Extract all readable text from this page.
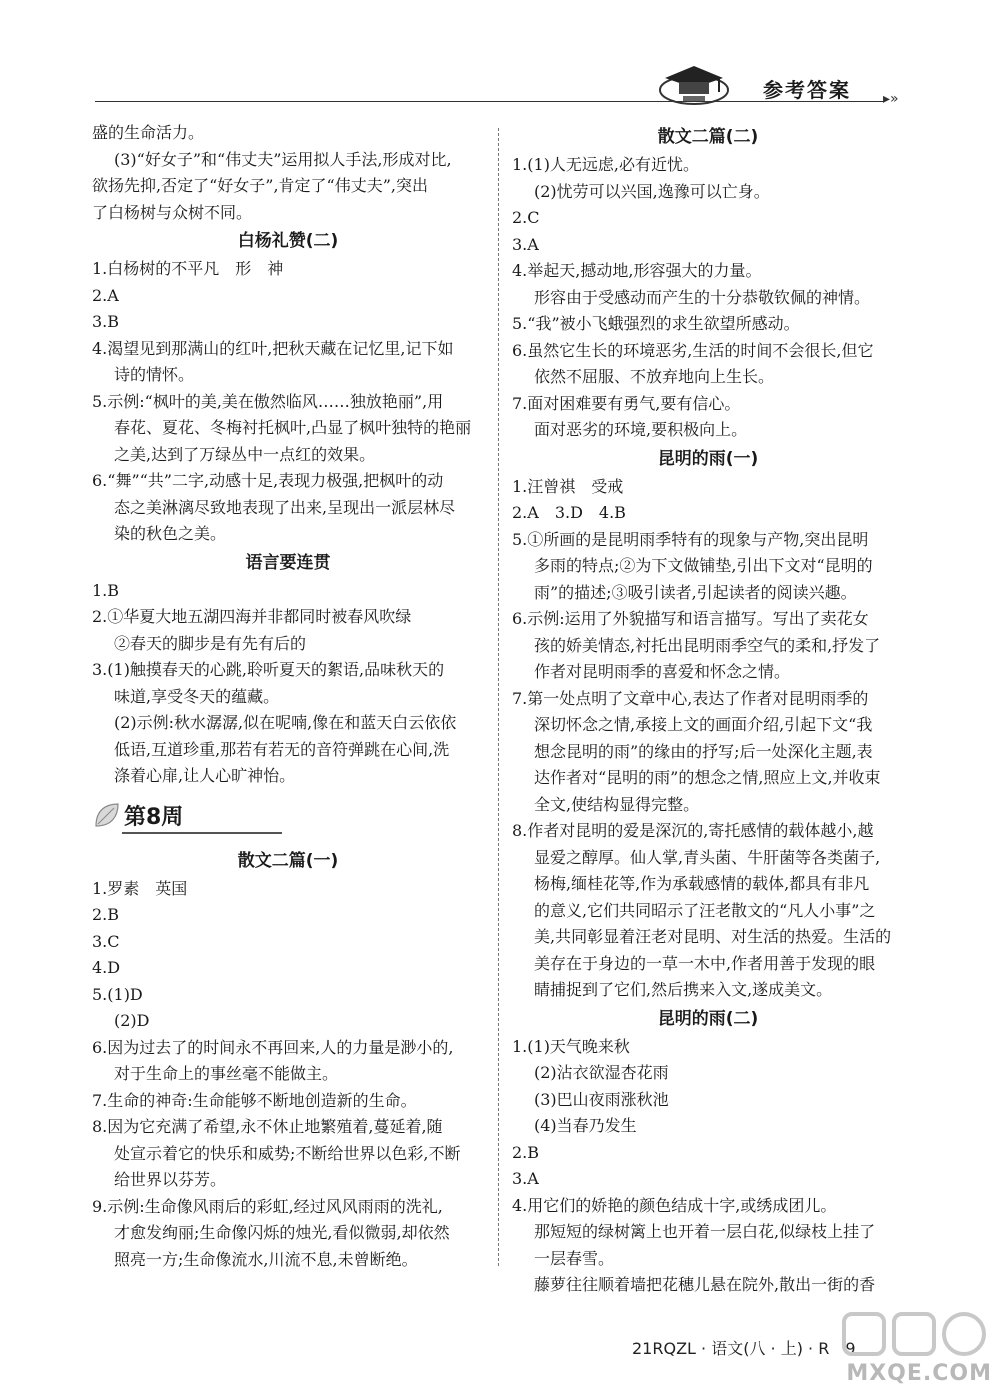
参考答案 ▸»
盛的生命活力。
(3)“好女子”和“伟丈夫”运用拟人手法,形成对比,
欲扬先抑,否定了“好女子”,肯定了“伟丈夫”,突出
了白杨树与众树不同。
白杨礼赞(二)
1.白杨树的不平凡　形　神
2.A
3.B
4.渴望见到那满山的红叶,把秋天藏在记忆里,记下如
诗的情怀。
5.示例:“枫叶的美,美在傲然临风……独放艳丽”,用
春花、夏花、冬梅衬托枫叶,凸显了枫叶独特的艳丽
之美,达到了万绿丛中一点红的效果。
6.“舞”“共”二字,动感十足,表现力极强,把枫叶的动
态之美淋漓尽致地表现了出来,呈现出一派层林尽
染的秋色之美。
语言要连贯
1.B
2.①华夏大地五湖四海并非都同时被春风吹绿
②春天的脚步是有先有后的
3.(1)触摸春天的心跳,聆听夏天的絮语,品味秋天的
味道,享受冬天的蕴藏。
(2)示例:秋水潺潺,似在呢喃,像在和蓝天白云依依
低语,互道珍重,那若有若无的音符弹跳在心间,洗
涤着心扉,让人心旷神怡。
第8周
散文二篇(一)
1.罗素　英国
2.B
3.C
4.D
5.(1)D
(2)D
6.因为过去了的时间永不再回来,人的力量是渺小的,
对于生命上的事丝毫不能做主。
7.生命的神奇:生命能够不断地创造新的生命。
8.因为它充满了希望,永不休止地繁殖着,蔓延着,随
处宣示着它的快乐和威势;不断给世界以色彩,不断
给世界以芬芳。
9.示例:生命像风雨后的彩虹,经过风风雨雨的洗礼,
才愈发绚丽;生命像闪烁的烛光,看似微弱,却依然
照亮一方;生命像流水,川流不息,未曾断绝。
散文二篇(二)
1.(1)人无远虑,必有近忧。
(2)忧劳可以兴国,逸豫可以亡身。
2.C
3.A
4.举起天,撼动地,形容强大的力量。
形容由于受感动而产生的十分恭敬钦佩的神情。
5.“我”被小飞蛾强烈的求生欲望所感动。
6.虽然它生长的环境恶劣,生活的时间不会很长,但它
依然不屈服、不放弃地向上生长。
7.面对困难要有勇气,要有信心。
面对恶劣的环境,要积极向上。
昆明的雨(一)
1.汪曾祺　受戒
2.A　3.D　4.B
5.①所画的是昆明雨季特有的现象与产物,突出昆明
多雨的特点;②为下文做铺垫,引出下文对“昆明的
雨”的描述;③吸引读者,引起读者的阅读兴趣。
6.示例:运用了外貌描写和语言描写。写出了卖花女
孩的娇美情态,衬托出昆明雨季空气的柔和,抒发了
作者对昆明雨季的喜爱和怀念之情。
7.第一处点明了文章中心,表达了作者对昆明雨季的
深切怀念之情,承接上文的画面介绍,引起下文“我
想念昆明的雨”的缘由的抒写;后一处深化主题,表
达作者对“昆明的雨”的想念之情,照应上文,并收束
全文,使结构显得完整。
8.作者对昆明的爱是深沉的,寄托感情的载体越小,越
显爱之醇厚。仙人掌,青头菌、牛肝菌等各类菌子,
杨梅,缅桂花等,作为承载感情的载体,都具有非凡
的意义,它们共同昭示了汪老散文的“凡人小事”之
美,共同彰显着汪老对昆明、对生活的热爱。生活的
美存在于身边的一草一木中,作者用善于发现的眼
睛捕捉到了它们,然后携来入文,遂成美文。
昆明的雨(二)
1.(1)天气晚来秋
(2)沾衣欲湿杏花雨
(3)巴山夜雨涨秋池
(4)当春乃发生
2.B
3.A
4.用它们的娇艳的颜色结成十字,或绣成团儿。
那短短的绿树篱上也开着一层白花,似绿枝上挂了
一层春雪。
藤萝往往顺着墙把花穗儿悬在院外,散出一街的香
21RQZL · 语文(八 · 上) · R　9
MXQE.COM
